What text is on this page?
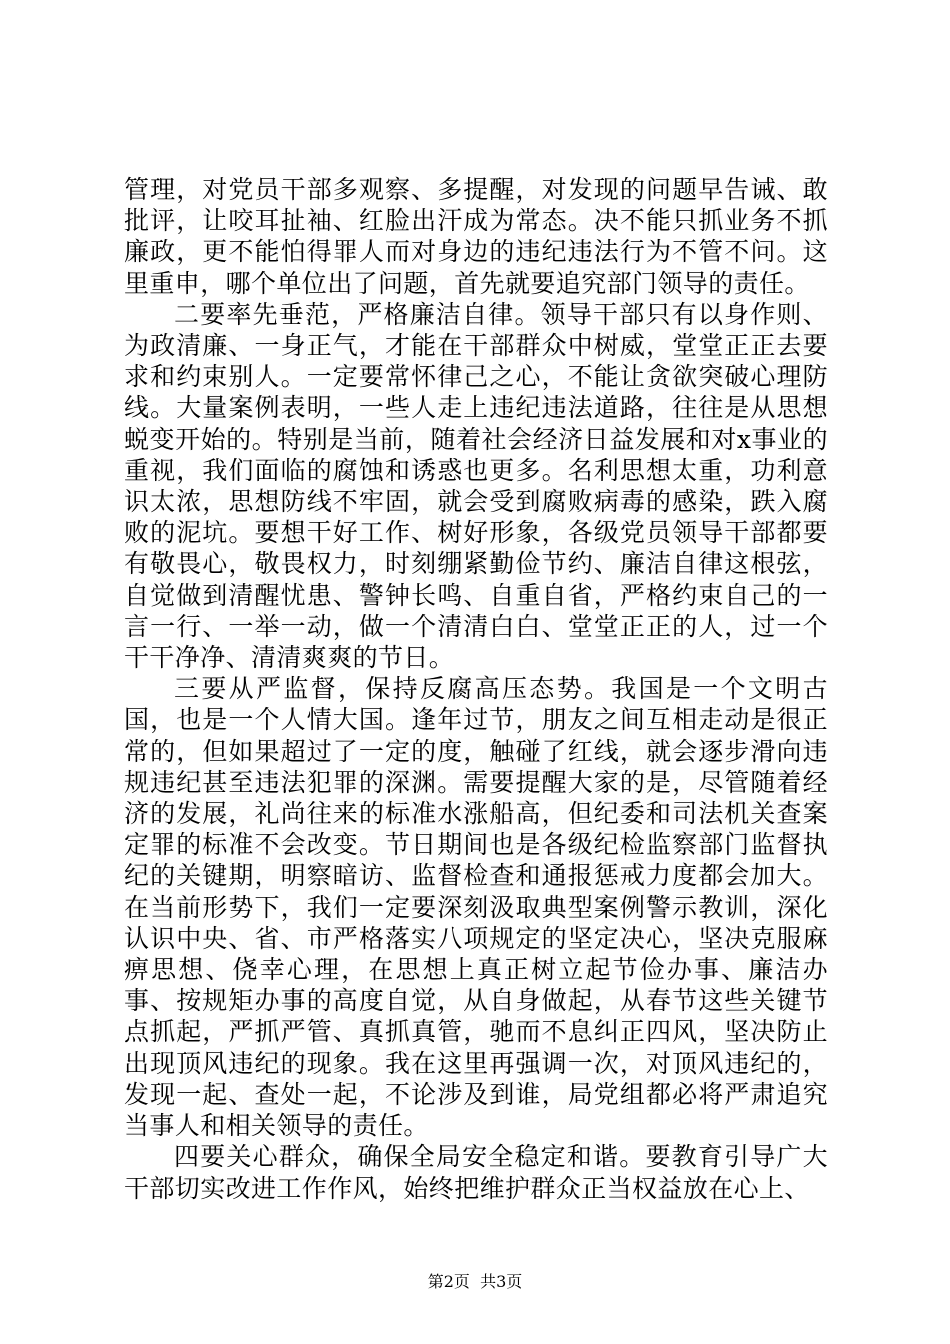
管理，对党员干部多观察、多提醒，对发现的问题早告诫、敢批评，让咬耳扯袖、红脸出汗成为常态。决不能只抓业务不抓廉政，更不能怕得罪人而对身边的违纪违法行为不管不问。这里重申，哪个单位出了问题，首先就要追究部门领导的责任。

二要率先垂范，严格廉洁自律。领导干部只有以身作则、为政清廉、一身正气，才能在干部群众中树威，堂堂正正去要求和约束别人。一定要常怀律己之心，不能让贪欲突破心理防线。大量案例表明，一些人走上违纪违法道路，往往是从思想蜕变开始的。特别是当前，随着社会经济日益发展和对x事业的重视，我们面临的腐蚀和诱惑也更多。名利思想太重，功利意识太浓，思想防线不牢固，就会受到腐败病毒的感染，跌入腐败的泥坑。要想干好工作、树好形象，各级党员领导干部都要有敬畏心，敬畏权力，时刻绷紧勤俭节约、廉洁自律这根弦，自觉做到清醒忧患、警钟长鸣、自重自省，严格约束自己的一言一行、一举一动，做一个清清白白、堂堂正正的人，过一个干干净净、清清爽爽的节日。

三要从严监督，保持反腐高压态势。我国是一个文明古国，也是一个人情大国。逢年过节，朋友之间互相走动是很正常的，但如果超过了一定的度，触碰了红线，就会逐步滑向违规违纪甚至违法犯罪的深渊。需要提醒大家的是，尽管随着经济的发展，礼尚往来的标准水涨船高，但纪委和司法机关查案定罪的标准不会改变。节日期间也是各级纪检监察部门监督执纪的关键期，明察暗访、监督检查和通报惩戒力度都会加大。在当前形势下，我们一定要深刻汲取典型案例警示教训，深化认识中央、省、市严格落实八项规定的坚定决心，坚决克服麻痹思想、侥幸心理，在思想上真正树立起节俭办事、廉洁办事、按规矩办事的高度自觉，从自身做起，从春节这些关键节点抓起，严抓严管、真抓真管，驰而不息纠正四风，坚决防止出现顶风违纪的现象。我在这里再强调一次，对顶风违纪的，发现一起、查处一起，不论涉及到谁，局党组都必将严肃追究当事人和相关领导的责任。

四要关心群众，确保全局安全稳定和谐。要教育引导广大干部切实改进工作作风，始终把维护群众正当权益放在心上、

第2页  共3页
